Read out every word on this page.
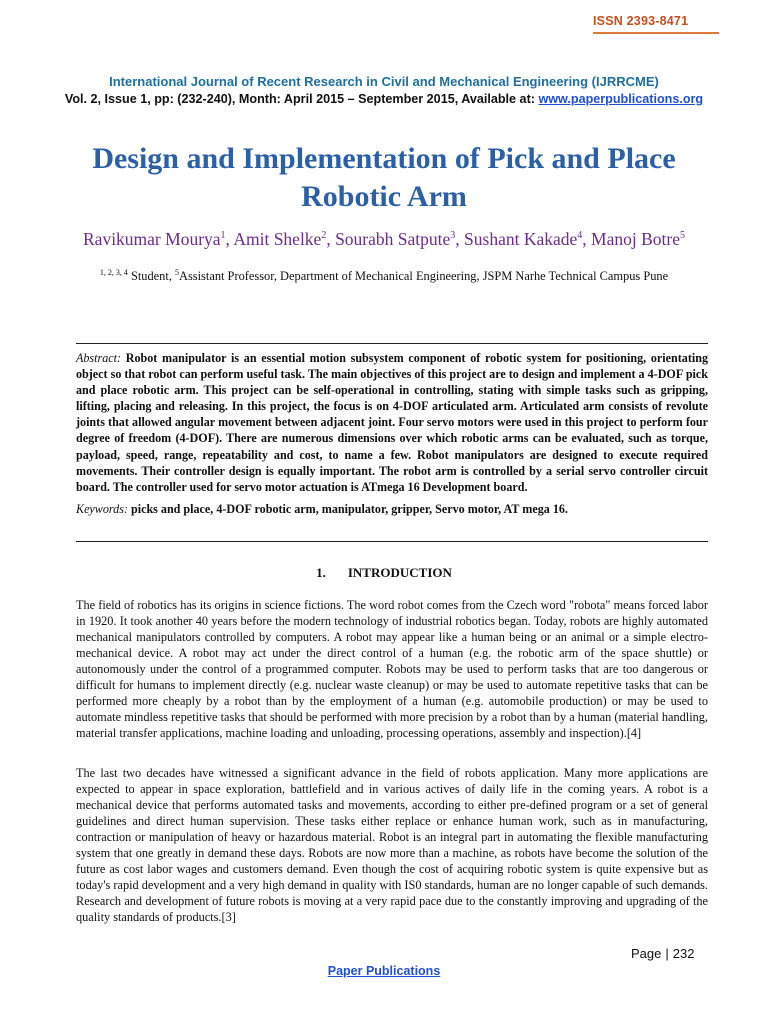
ISSN 2393-8471
International Journal of Recent Research in Civil and Mechanical Engineering (IJRRCME)
Vol. 2, Issue 1, pp: (232-240), Month: April 2015 – September 2015, Available at: www.paperpublications.org
Design and Implementation of Pick and Place
Robotic Arm
Ravikumar Mourya$^1$, Amit Shelke$^2$, Sourabh Satpute$^3$, Sushant Kakade$^4$, Manoj Botre$^5$
$^{1, 2, 3, 4}$ Student, $^5$Assistant Professor, Department of Mechanical Engineering, JSPM Narhe Technical Campus Pune
Abstract: Robot manipulator is an essential motion subsystem component of robotic system for positioning, orientating object so that robot can perform useful task. The main objectives of this project are to design and implement a 4-DOF pick and place robotic arm. This project can be self-operational in controlling, stating with simple tasks such as gripping, lifting, placing and releasing. In this project, the focus is on 4-DOF articulated arm. Articulated arm consists of revolute joints that allowed angular movement between adjacent joint. Four servo motors were used in this project to perform four degree of freedom (4-DOF). There are numerous dimensions over which robotic arms can be evaluated, such as torque, payload, speed, range, repeatability and cost, to name a few. Robot manipulators are designed to execute required movements. Their controller design is equally important. The robot arm is controlled by a serial servo controller circuit board. The controller used for servo motor actuation is ATmega 16 Development board.
Keywords: picks and place, 4-DOF robotic arm, manipulator, gripper, Servo motor, AT mega 16.
1. INTRODUCTION
The field of robotics has its origins in science fictions. The word robot comes from the Czech word "robota" means forced labor in 1920. It took another 40 years before the modern technology of industrial robotics began. Today, robots are highly automated mechanical manipulators controlled by computers. A robot may appear like a human being or an animal or a simple electro-mechanical device. A robot may act under the direct control of a human (e.g. the robotic arm of the space shuttle) or autonomously under the control of a programmed computer. Robots may be used to perform tasks that are too dangerous or difficult for humans to implement directly (e.g. nuclear waste cleanup) or may be used to automate repetitive tasks that can be performed more cheaply by a robot than by the employment of a human (e.g. automobile production) or may be used to automate mindless repetitive tasks that should be performed with more precision by a robot than by a human (material handling, material transfer applications, machine loading and unloading, processing operations, assembly and inspection).[4]
The last two decades have witnessed a significant advance in the field of robots application. Many more applications are expected to appear in space exploration, battlefield and in various actives of daily life in the coming years. A robot is a mechanical device that performs automated tasks and movements, according to either pre-defined program or a set of general guidelines and direct human supervision. These tasks either replace or enhance human work, such as in manufacturing, contraction or manipulation of heavy or hazardous material. Robot is an integral part in automating the flexible manufacturing system that one greatly in demand these days. Robots are now more than a machine, as robots have become the solution of the future as cost labor wages and customers demand. Even though the cost of acquiring robotic system is quite expensive but as today's rapid development and a very high demand in quality with IS0 standards, human are no longer capable of such demands. Research and development of future robots is moving at a very rapid pace due to the constantly improving and upgrading of the quality standards of products.[3]
Page | 232
Paper Publications
